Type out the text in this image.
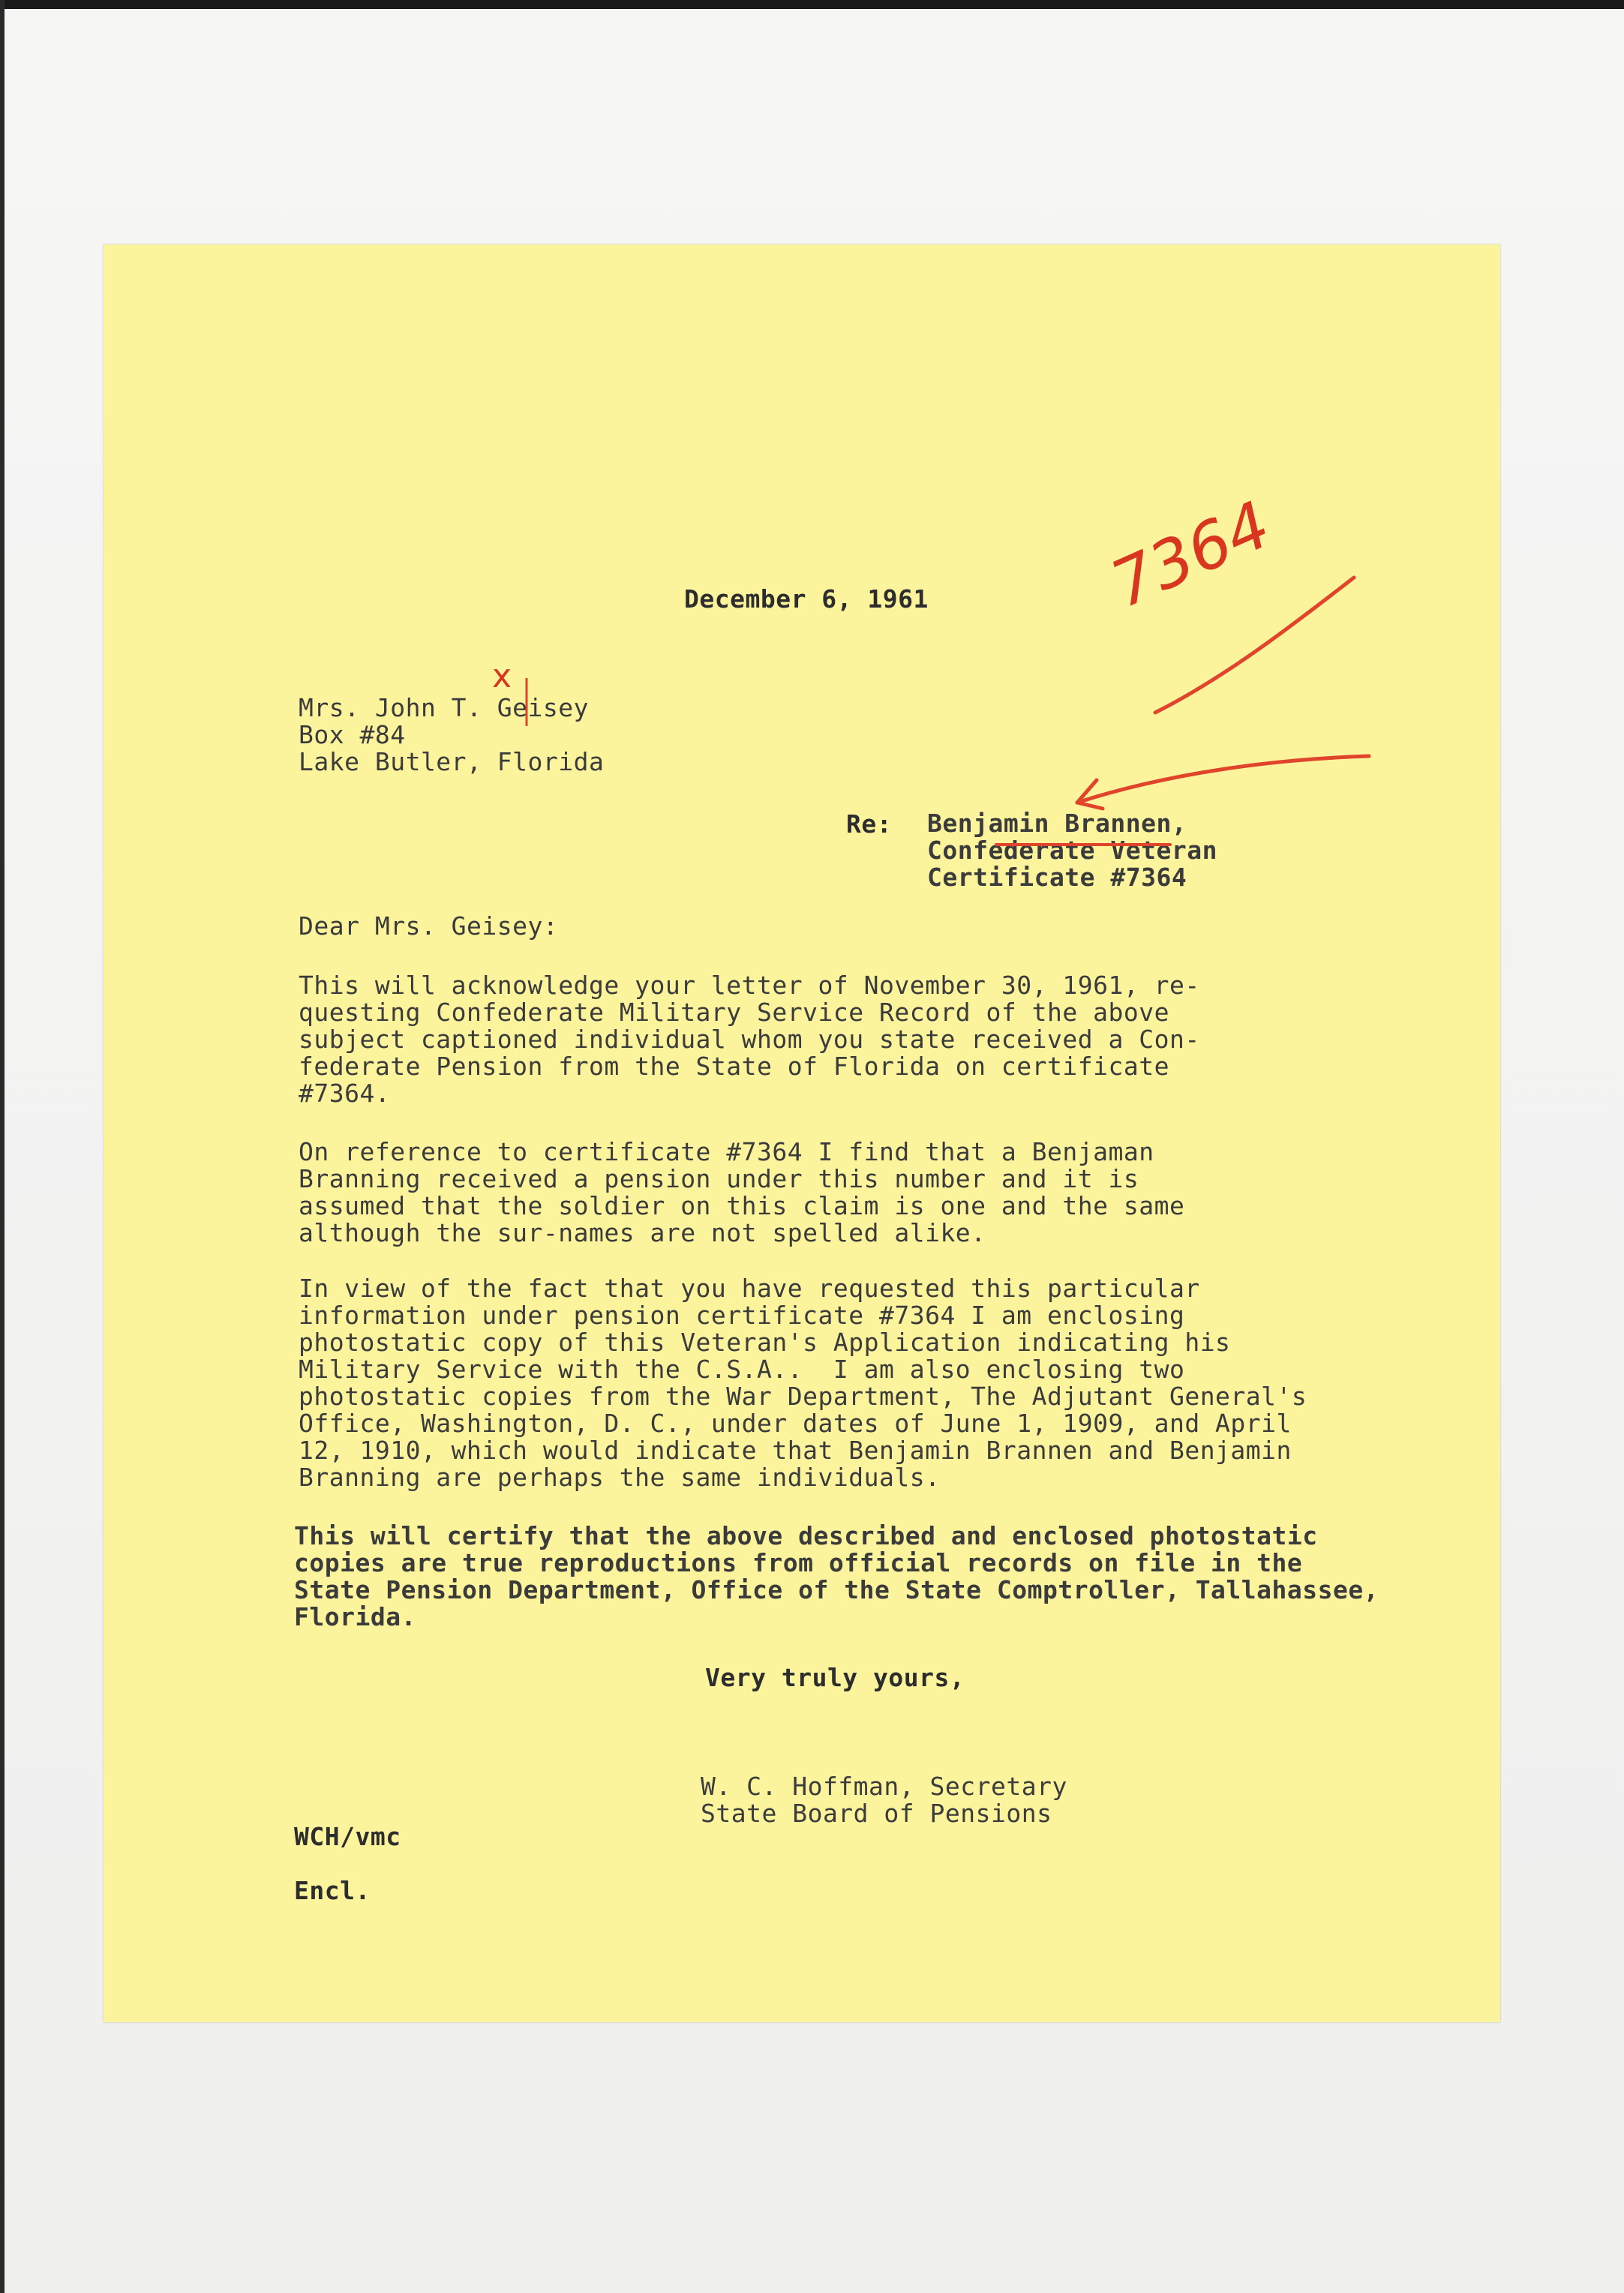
December 6, 1961	7364
x
Mrs. John T. Geisey
Box #84
Lake Butler, Florida
Re: Benjamin Brannen,
Confederate Veteran
Certificate #7364
Dear Mrs. Geisey:
This will acknowledge your letter of November 30, 1961, re-
questing Confederate Military Service Record of the above
subject captioned individual whom you state received a Con-
federate Pension from the State of Florida on certificate
#7364.
On reference to certificate #7364 I find that a Benjaman
Branning received a pension under this number and it is
assumed that the soldier on this claim is one and the same
although the sur-names are not spelled alike.
In view of the fact that you have requested this particular
information under pension certificate #7364 I am enclosing
photostatic copy of this Veteran's Application indicating his
Military Service with the C.S.A..  I am also enclosing two
photostatic copies from the War Department, The Adjutant General's
Office, Washington, D. C., under dates of June 1, 1909, and April
12, 1910, which would indicate that Benjamin Brannen and Benjamin
Branning are perhaps the same individuals.
This will certify that the above described and enclosed photostatic
copies are true reproductions from official records on file in the
State Pension Department, Office of the State Comptroller, Tallahassee,
Florida.
Very truly yours,
W. C. Hoffman, Secretary
State Board of Pensions
WCH/vmc
Encl.
